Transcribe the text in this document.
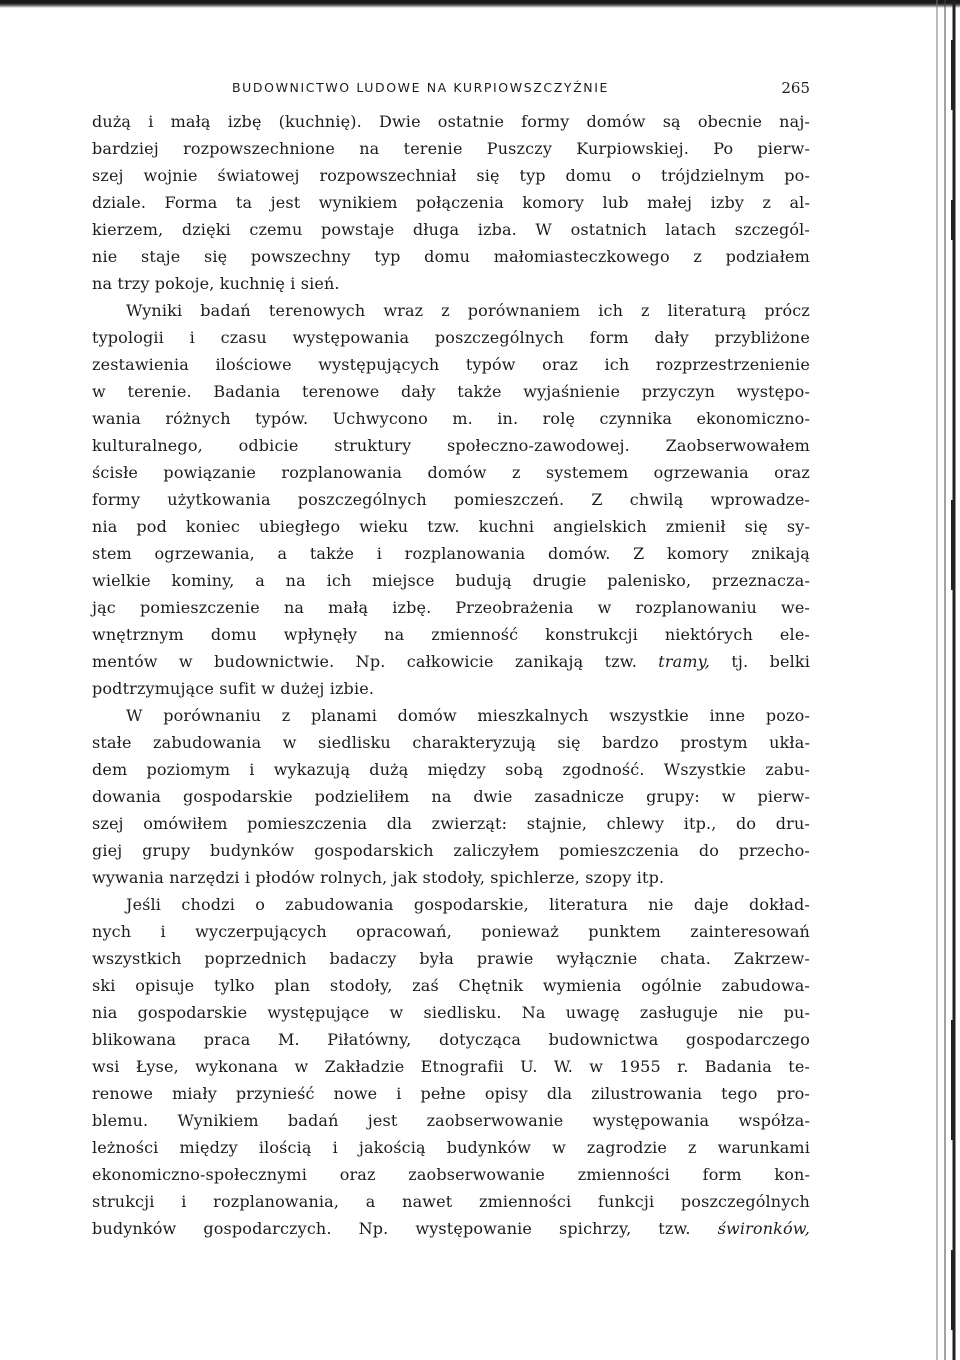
BUDOWNICTWO LUDOWE NA KURPIOWSZCZYŹNIE	265
dużą i małą izbę (kuchnię). Dwie ostatnie formy domów są obecnie naj-
bardziej rozpowszechnione na terenie Puszczy Kurpiowskiej. Po pierw-
szej wojnie światowej rozpowszechniał się typ domu o trójdzielnym po-
dziale. Forma ta jest wynikiem połączenia komory lub małej izby z al-
kierzem, dzięki czemu powstaje długa izba. W ostatnich latach szczegól-
nie staje się powszechny typ domu małomiasteczkowego z podziałem
na trzy pokoje, kuchnię i sień.
Wyniki badań terenowych wraz z porównaniem ich z literaturą prócz
typologii i czasu występowania poszczególnych form dały przybliżone
zestawienia ilościowe występujących typów oraz ich rozprzestrzenienie
w terenie. Badania terenowe dały także wyjaśnienie przyczyn występo-
wania różnych typów. Uchwycono m. in. rolę czynnika ekonomiczno-
kulturalnego, odbicie struktury społeczno-zawodowej. Zaobserwowałem
ścisłe powiązanie rozplanowania domów z systemem ogrzewania oraz
formy użytkowania poszczególnych pomieszczeń. Z chwilą wprowadze-
nia pod koniec ubiegłego wieku tzw. kuchni angielskich zmienił się sy-
stem ogrzewania, a także i rozplanowania domów. Z komory znikają
wielkie kominy, a na ich miejsce budują drugie palenisko, przeznacza-
jąc pomieszczenie na małą izbę. Przeobrażenia w rozplanowaniu we-
wnętrznym domu wpłynęły na zmienność konstrukcji niektórych ele-
mentów w budownictwie. Np. całkowicie zanikają tzw. tramy, tj. belki
podtrzymujące sufit w dużej izbie.
W porównaniu z planami domów mieszkalnych wszystkie inne pozo-
stałe zabudowania w siedlisku charakteryzują się bardzo prostym ukła-
dem poziomym i wykazują dużą między sobą zgodność. Wszystkie zabu-
dowania gospodarskie podzieliłem na dwie zasadnicze grupy: w pierw-
szej omówiłem pomieszczenia dla zwierząt: stajnie, chlewy itp., do dru-
giej grupy budynków gospodarskich zaliczyłem pomieszczenia do przecho-
wywania narzędzi i płodów rolnych, jak stodoły, spichlerze, szopy itp.
Jeśli chodzi o zabudowania gospodarskie, literatura nie daje dokład-
nych i wyczerpujących opracowań, ponieważ punktem zainteresowań
wszystkich poprzednich badaczy była prawie wyłącznie chata. Zakrzew-
ski opisuje tylko plan stodoły, zaś Chętnik wymienia ogólnie zabudowa-
nia gospodarskie występujące w siedlisku. Na uwagę zasługuje nie pu-
blikowana praca M. Piłatówny, dotycząca budownictwa gospodarczego
wsi Łyse, wykonana w Zakładzie Etnografii U. W. w 1955 r. Badania te-
renowe miały przynieść nowe i pełne opisy dla zilustrowania tego pro-
blemu. Wynikiem badań jest zaobserwowanie występowania współza-
leżności między ilością i jakością budynków w zagrodzie z warunkami
ekonomiczno-społecznymi oraz zaobserwowanie zmienności form kon-
strukcji i rozplanowania, a nawet zmienności funkcji poszczególnych
budynków gospodarczych. Np. występowanie spichrzy, tzw. świronków,
